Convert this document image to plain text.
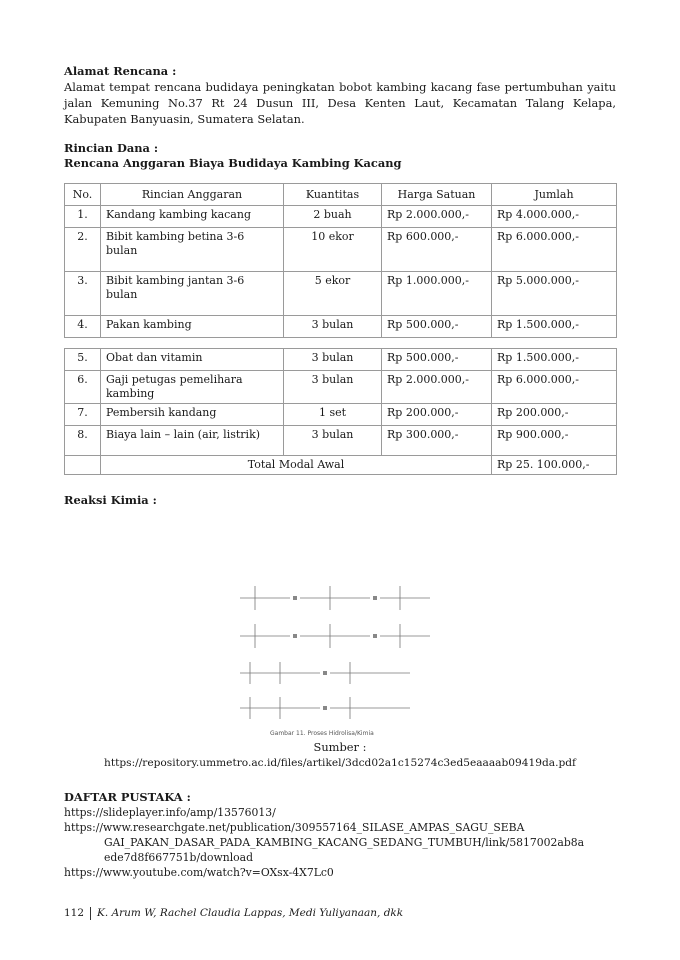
Alamat Rencana :
Alamat tempat rencana budidaya peningkatan bobot kambing kacang fase pertumbuhan yaitu jalan Kemuning No.37 Rt 24 Dusun III, Desa Kenten Laut, Kecamatan Talang Kelapa, Kabupaten Banyuasin, Sumatera Selatan.
Rincian Dana :
Rencana Anggaran Biaya Budidaya Kambing Kacang
No.	Rincian Anggaran	Kuantitas	Harga Satuan	Jumlah
1.	Kandang kambing kacang	2 buah	Rp 2.000.000,-	Rp 4.000.000,-
2.	Bibit kambing betina 3-6 bulan	10 ekor	Rp 600.000,-	Rp 6.000.000,-
3.	Bibit kambing jantan 3-6 bulan	5 ekor	Rp 1.000.000,-	Rp 5.000.000,-
4.	Pakan kambing	3 bulan	Rp 500.000,-	Rp 1.500.000,-
5.	Obat dan vitamin	3 bulan	Rp 500.000,-	Rp 1.500.000,-
6.	Gaji petugas pemelihara kambing	3 bulan	Rp 2.000.000,-	Rp 6.000.000,-
7.	Pembersih kandang	1 set	Rp 200.000,-	Rp 200.000,-
8.	Biaya lain – lain (air, listrik)	3 bulan	Rp 300.000,-	Rp 900.000,-
	Total Modal Awal			Rp 25. 100.000,-
Reaksi Kimia :
Gambar 11. Proses Hidrolisa/Kimia
Sumber :
https://repository.ummetro.ac.id/files/artikel/3dcd02a1c15274c3ed5eaaaab09419da.pdf
DAFTAR PUSTAKA :
https://slideplayer.info/amp/13576013/
https://www.researchgate.net/publication/309557164_SILASE_AMPAS_SAGU_SEBA
GAI_PAKAN_DASAR_PADA_KAMBING_KACANG_SEDANG_TUMBUH/link/5817002ab8a ede7d8f667751b/download
https://www.youtube.com/watch?v=OXsx-4X7Lc0
112 K. Arum W, Rachel Claudia Lappas, Medi Yuliyanaan, dkk
